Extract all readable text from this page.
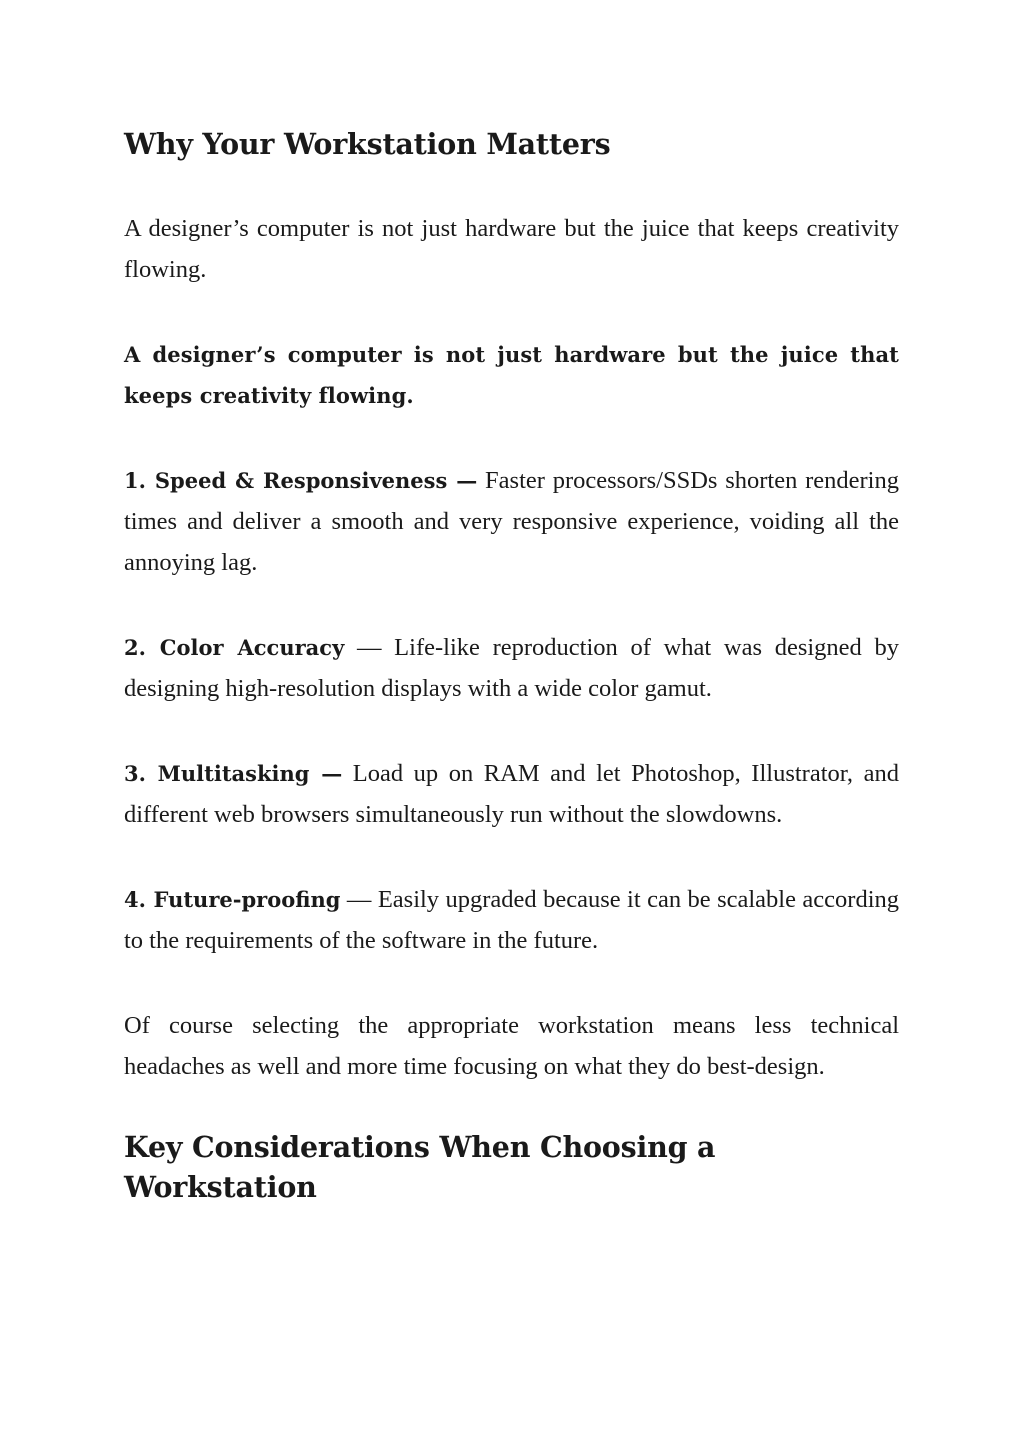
Why Your Workstation Matters

A designer’s computer is not just hardware but the juice that keeps creativity flowing.

A designer’s computer is not just hardware but the juice that keeps creativity flowing.

1. Speed & Responsiveness — Faster processors/SSDs shorten rendering times and deliver a smooth and very responsive experience, voiding all the annoying lag.

2. Color Accuracy — Life-like reproduction of what was designed by designing high-resolution displays with a wide color gamut.

3. Multitasking — Load up on RAM and let Photoshop, Illustrator, and different web browsers simultaneously run without the slowdowns.

4. Future-proofing — Easily upgraded because it can be scalable according to the requirements of the software in the future.

Of course selecting the appropriate workstation means less technical headaches as well and more time focusing on what they do best-design.

Key Considerations When Choosing a Workstation
